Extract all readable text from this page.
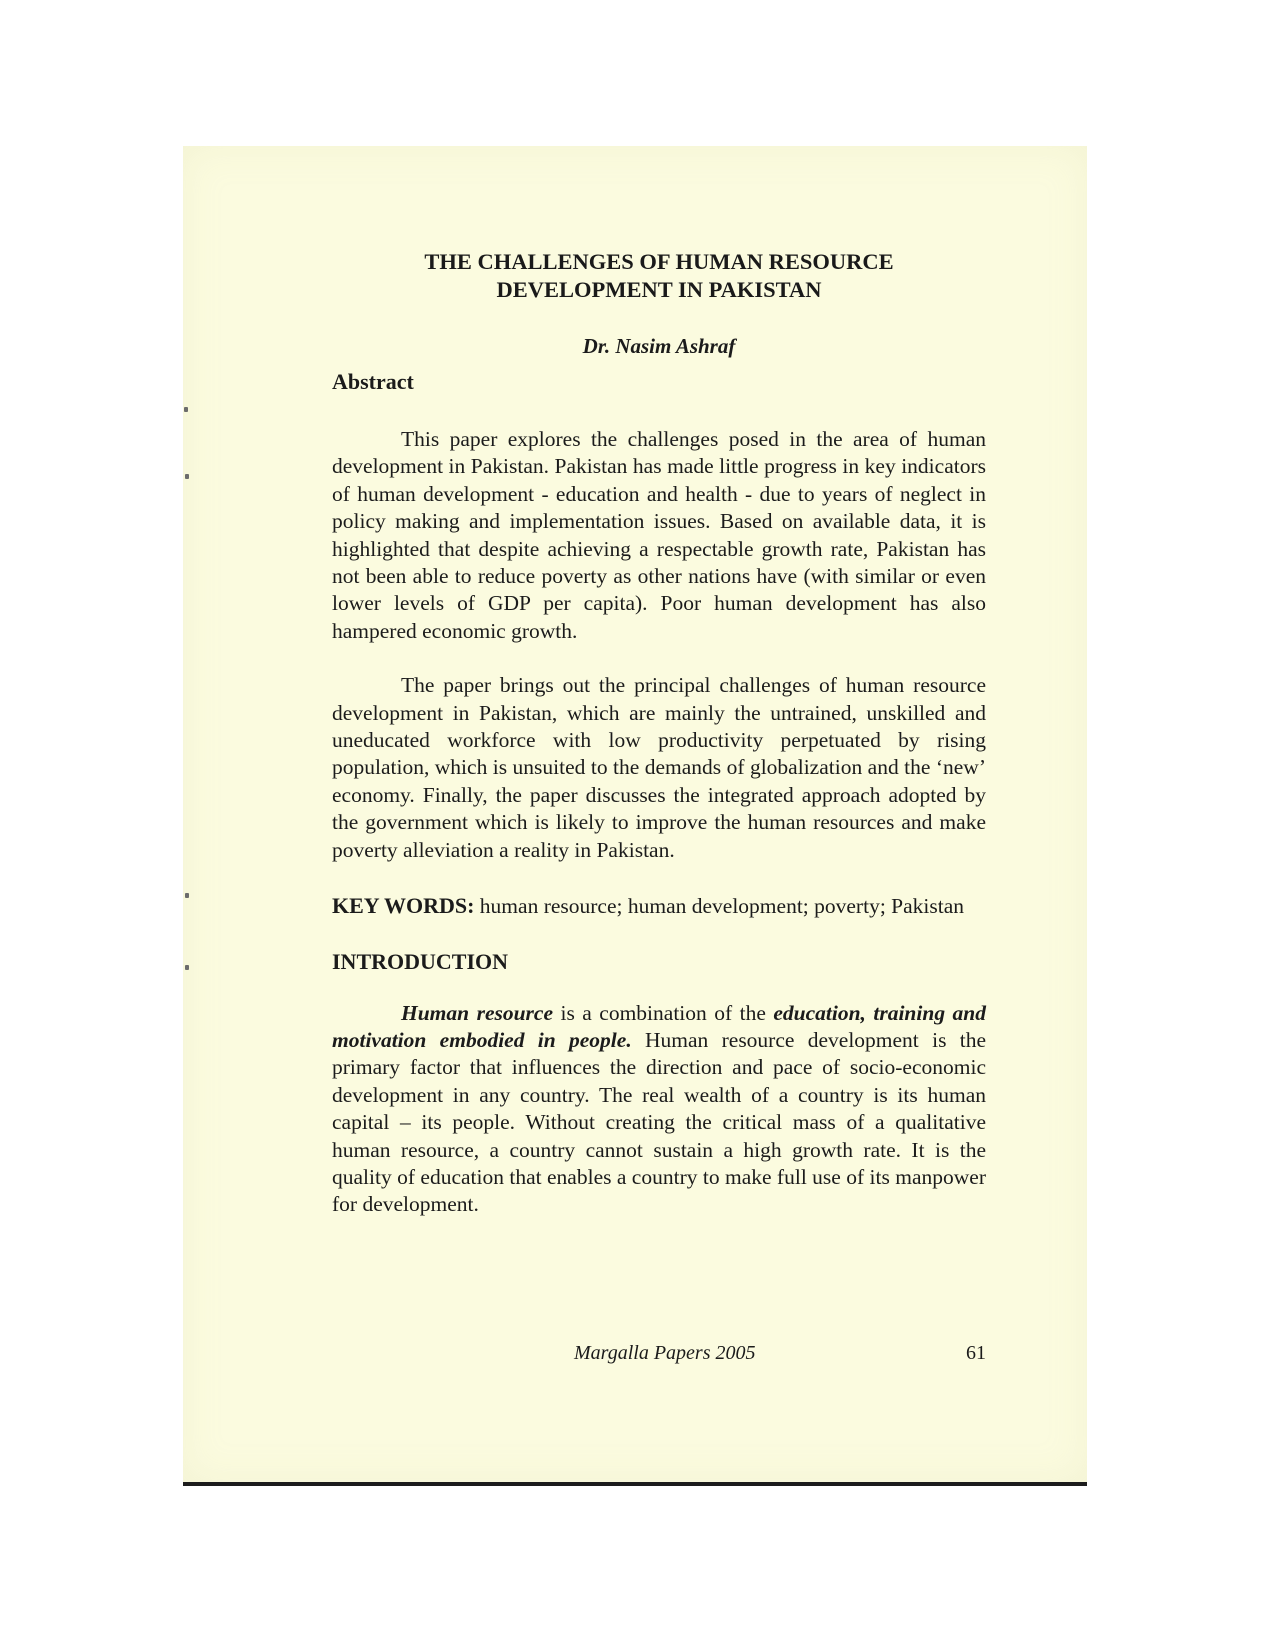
THE CHALLENGES OF HUMAN RESOURCE
DEVELOPMENT IN PAKISTAN

Dr. Nasim Ashraf

Abstract

This paper explores the challenges posed in the area of human development in Pakistan. Pakistan has made little progress in key indicators of human development - education and health - due to years of neglect in policy making and implementation issues. Based on available data, it is highlighted that despite achieving a respectable growth rate, Pakistan has not been able to reduce poverty as other nations have (with similar or even lower levels of GDP per capita). Poor human development has also hampered economic growth.

The paper brings out the principal challenges of human resource development in Pakistan, which are mainly the untrained, unskilled and uneducated workforce with low productivity perpetuated by rising population, which is unsuited to the demands of globalization and the ‘new’ economy. Finally, the paper discusses the integrated approach adopted by the government which is likely to improve the human resources and make poverty alleviation a reality in Pakistan.

KEY WORDS: human resource; human development; poverty; Pakistan

INTRODUCTION

Human resource is a combination of the education, training and motivation embodied in people. Human resource development is the primary factor that influences the direction and pace of socio-economic development in any country. The real wealth of a country is its human capital – its people. Without creating the critical mass of a qualitative human resource, a country cannot sustain a high growth rate. It is the quality of education that enables a country to make full use of its manpower for development.

Margalla Papers 2005	61
